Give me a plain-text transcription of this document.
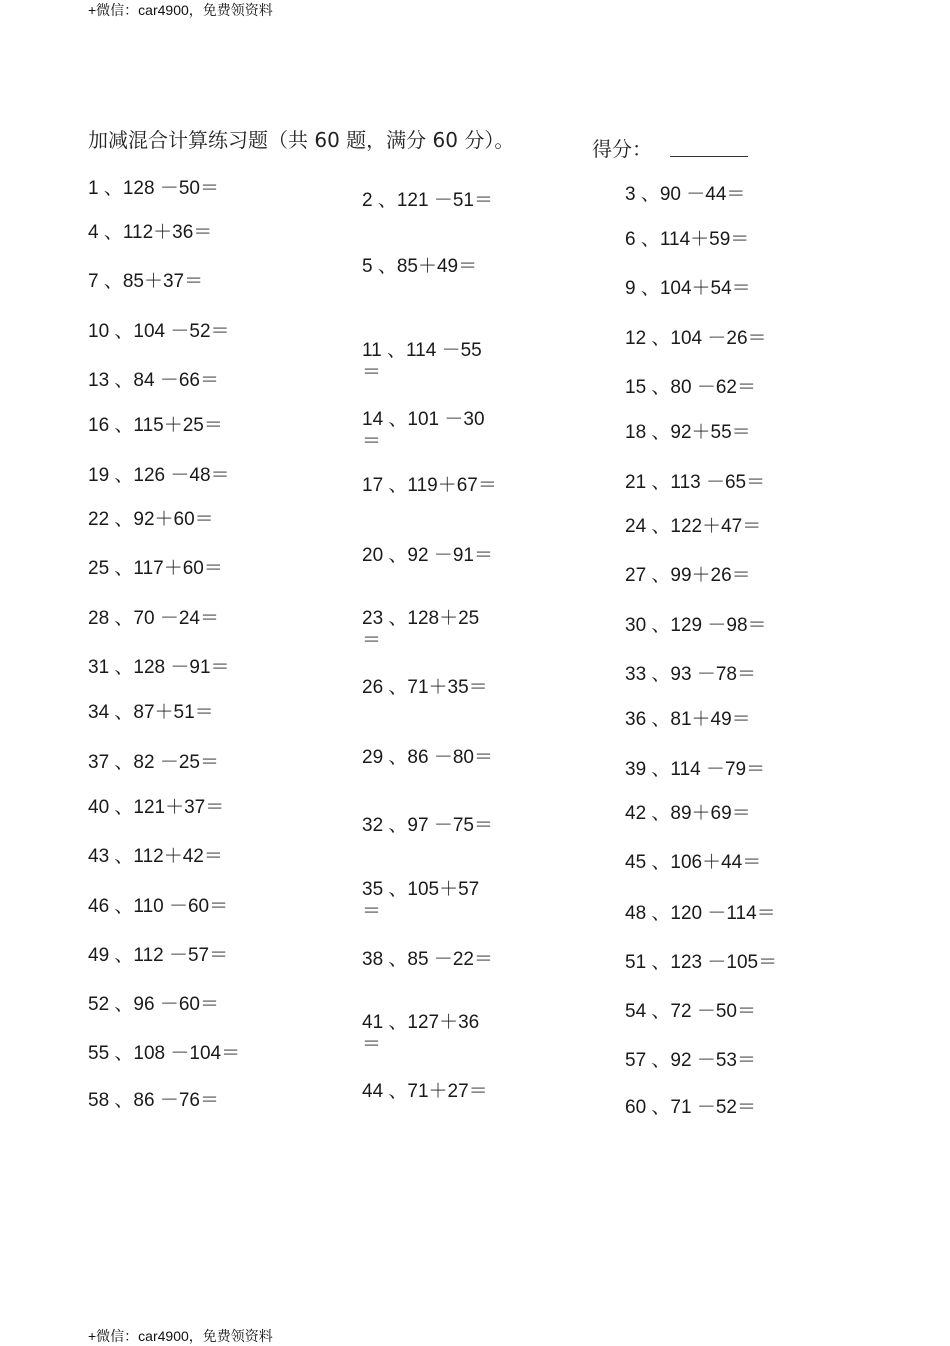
+微信：car4900，免费领资料
加减混合计算练习题（共 60 题，满分 60 分）。	得分：
1 、128 －50＝
4 、112＋36＝
7 、85＋37＝
10 、104 －52＝
13 、84 －66＝
16 、115＋25＝
19 、126 －48＝
22 、92＋60＝
25 、117＋60＝
28 、70 －24＝
31 、128 －91＝
34 、87＋51＝
37 、82 －25＝
40 、121＋37＝
43 、112＋42＝
46 、110 －60＝
49 、112 －57＝
52 、96 －60＝
55 、108 －104＝
58 、86 －76＝
2 、121 －51＝
5 、85＋49＝
11 、114 －55＝
14 、101 －30＝
17 、119＋67＝
20 、92 －91＝
23 、128＋25＝
26 、71＋35＝
29 、86 －80＝
32 、97 －75＝
35 、105＋57＝
38 、85 －22＝
41 、127＋36＝
44 、71＋27＝
3 、90 －44＝
6 、114＋59＝
9 、104＋54＝
12 、104 －26＝
15 、80 －62＝
18 、92＋55＝
21 、113 －65＝
24 、122＋47＝
27 、99＋26＝
30 、129 －98＝
33 、93 －78＝
36 、81＋49＝
39 、114 －79＝
42 、89＋69＝
45 、106＋44＝
48 、120 －114＝
51 、123 －105＝
54 、72 －50＝
57 、92 －53＝
60 、71 －52＝
+微信：car4900，免费领资料
